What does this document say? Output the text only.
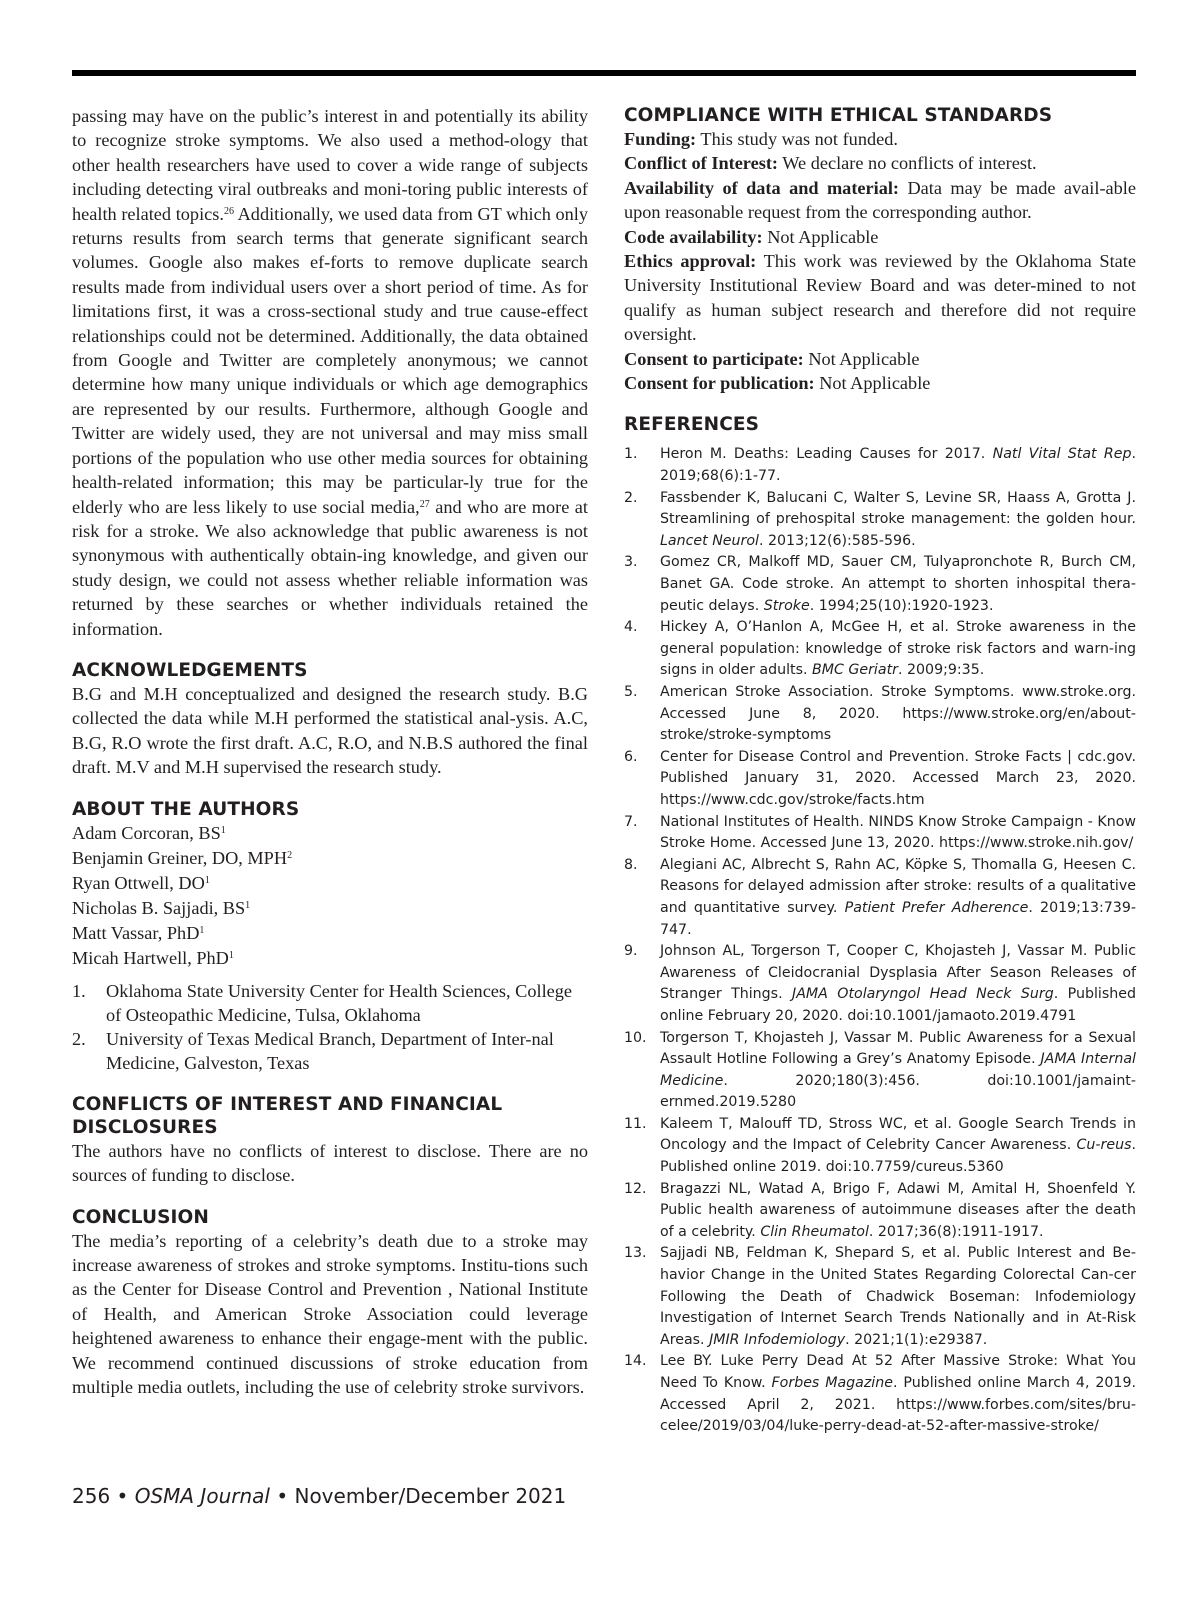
passing may have on the public’s interest in and potentially its ability to recognize stroke symptoms. We also used a method-ology that other health researchers have used to cover a wide range of subjects including detecting viral outbreaks and moni-toring public interests of health related topics.$^{26}$ Additionally, we used data from GT which only returns results from search terms that generate significant search volumes. Google also makes ef-forts to remove duplicate search results made from individual users over a short period of time. As for limitations first, it was a cross-sectional study and true cause-effect relationships could not be determined. Additionally, the data obtained from Google and Twitter are completely anonymous; we cannot determine how many unique individuals or which age demographics are represented by our results. Furthermore, although Google and Twitter are widely used, they are not universal and may miss small portions of the population who use other media sources for obtaining health-related information; this may be particular-ly true for the elderly who are less likely to use social media,$^{27}$ and who are more at risk for a stroke. We also acknowledge that public awareness is not synonymous with authentically obtain-ing knowledge, and given our study design, we could not assess whether reliable information was returned by these searches or whether individuals retained the information.

ACKNOWLEDGEMENTS

B.G and M.H conceptualized and designed the research study. B.G collected the data while M.H performed the statistical anal-ysis. A.C, B.G, R.O wrote the first draft. A.C, R.O, and N.B.S authored the final draft. M.V and M.H supervised the research study.

ABOUT THE AUTHORS
Adam Corcoran, $BS^1$
Benjamin Greiner, DO, MPH$^2$
Ryan Ottwell, $DO^1$
Nicholas B. Sajjadi, $BS^1$
Matt Vassar, PhD$^1$
Micah Hartwell, PhD$^1$
1.	Oklahoma State University Center for Health Sciences, College of Osteopathic Medicine, Tulsa, Oklahoma
2.	University of Texas Medical Branch, Department of Inter-nal Medicine, Galveston, Texas
CONFLICTS OF INTEREST AND FINANCIAL DISCLOSURES

The authors have no conflicts of interest to disclose. There are no sources of funding to disclose.

CONCLUSION

The media’s reporting of a celebrity’s death due to a stroke may increase awareness of strokes and stroke symptoms. Institu-tions such as the Center for Disease Control and Prevention , National Institute of Health, and American Stroke Association could leverage heightened awareness to enhance their engage-ment with the public. We recommend continued discussions of stroke education from multiple media outlets, including the use of celebrity stroke survivors.

COMPLIANCE WITH ETHICAL STANDARDS

Funding: This study was not funded.

Conflict of Interest: We declare no conflicts of interest.

Availability of data and material: Data may be made avail-able upon reasonable request from the corresponding author.

Code availability: Not Applicable

Ethics approval: This work was reviewed by the Oklahoma State University Institutional Review Board and was deter-mined to not qualify as human subject research and therefore did not require oversight.

Consent to participate: Not Applicable

Consent for publication: Not Applicable

REFERENCES
1.	Heron M. Deaths: Leading Causes for 2017. Natl Vital Stat Rep. 2019;68(6):1-77.
2.	Fassbender K, Balucani C, Walter S, Levine SR, Haass A, Grotta J. Streamlining of prehospital stroke management: the golden hour. Lancet Neurol. 2013;12(6):585-596.
3.	Gomez CR, Malkoff MD, Sauer CM, Tulyapronchote R, Burch CM, Banet GA. Code stroke. An attempt to shorten inhospital thera-peutic delays. Stroke. 1994;25(10):1920-1923.
4.	Hickey A, O’Hanlon A, McGee H, et al. Stroke awareness in the general population: knowledge of stroke risk factors and warn-ing signs in older adults. BMC Geriatr. 2009;9:35.
5.	American Stroke Association. Stroke Symptoms. www.stroke.org. Accessed June 8, 2020. https://www.stroke.org/en/about-stroke/stroke-symptoms
6.	Center for Disease Control and Prevention. Stroke Facts | cdc.gov. Published January 31, 2020. Accessed March 23, 2020. https://www.cdc.gov/stroke/facts.htm
7.	National Institutes of Health. NINDS Know Stroke Campaign - Know Stroke Home. Accessed June 13, 2020. https://www.stroke.nih.gov/
8.	Alegiani AC, Albrecht S, Rahn AC, Köpke S, Thomalla G, Heesen C. Reasons for delayed admission after stroke: results of a qualitative and quantitative survey. Patient Prefer Adherence. 2019;13:739-747.
9.	Johnson AL, Torgerson T, Cooper C, Khojasteh J, Vassar M. Public Awareness of Cleidocranial Dysplasia After Season Releases of Stranger Things. JAMA Otolaryngol Head Neck Surg. Published online February 20, 2020. doi:10.1001/jamaoto.2019.4791
10. Torgerson T, Khojasteh J, Vassar M. Public Awareness for a Sexual Assault Hotline Following a Grey’s Anatomy Episode. JAMA Internal Medicine. 2020;180(3):456. doi:10.1001/jamaint-ernmed.2019.5280
11. Kaleem T, Malouff TD, Stross WC, et al. Google Search Trends in Oncology and the Impact of Celebrity Cancer Awareness. Cu-reus. Published online 2019. doi:10.7759/cureus.5360
12. Bragazzi NL, Watad A, Brigo F, Adawi M, Amital H, Shoenfeld Y. Public health awareness of autoimmune diseases after the death of a celebrity. Clin Rheumatol. 2017;36(8):1911-1917.
13. Sajjadi NB, Feldman K, Shepard S, et al. Public Interest and Be-havior Change in the United States Regarding Colorectal Can-cer Following the Death of Chadwick Boseman: Infodemiology Investigation of Internet Search Trends Nationally and in At-Risk Areas. JMIR Infodemiology. 2021;1(1):e29387.
14. Lee BY. Luke Perry Dead At 52 After Massive Stroke: What You Need To Know. Forbes Magazine. Published online March 4, 2019. Accessed April 2, 2021. https://www.forbes.com/sites/bru-celee/2019/03/04/luke-perry-dead-at-52-after-massive-stroke/
256 • OSMA Journal • November/December 2021
